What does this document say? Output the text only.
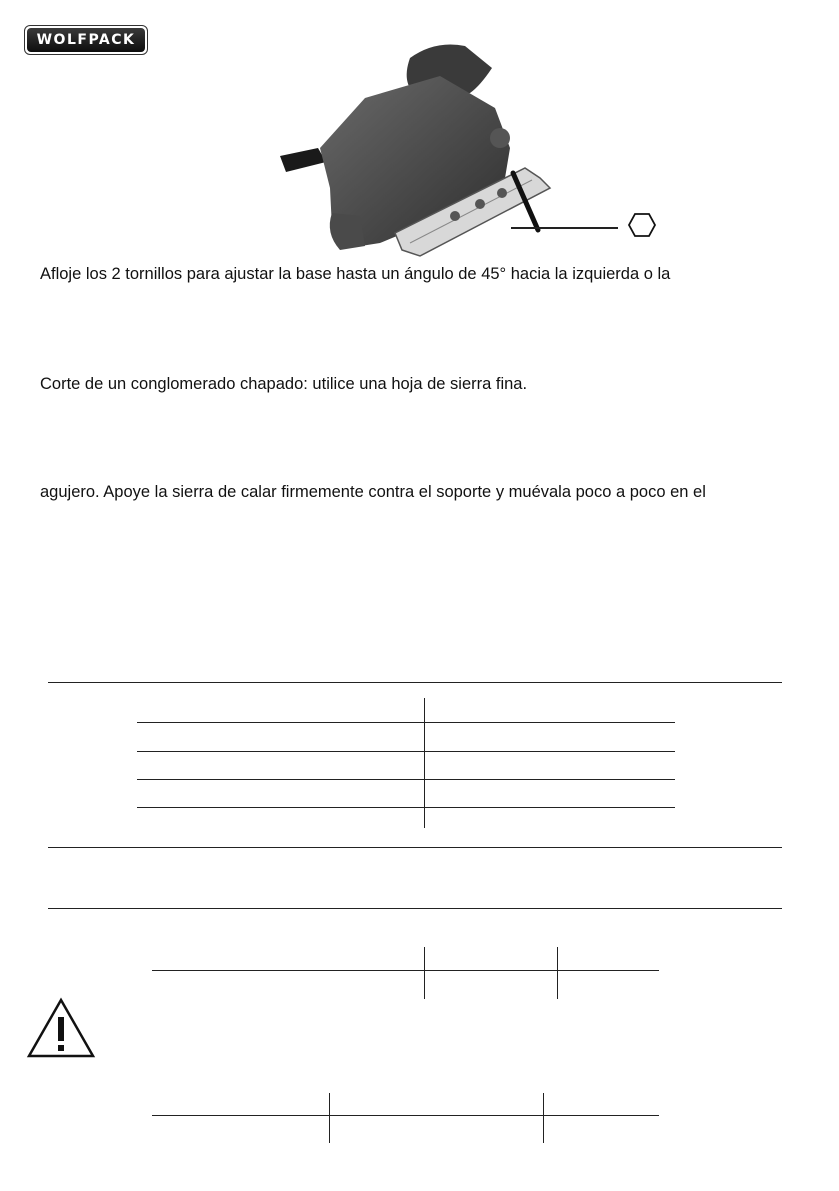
WOLFPACK
Afloje los 2 tornillos para ajustar la base hasta un ángulo de 45° hacia la izquierda o la
Corte de un conglomerado chapado: utilice una hoja de sierra fina.
agujero. Apoye la sierra de calar firmemente contra el soporte y muévala poco a poco en el
